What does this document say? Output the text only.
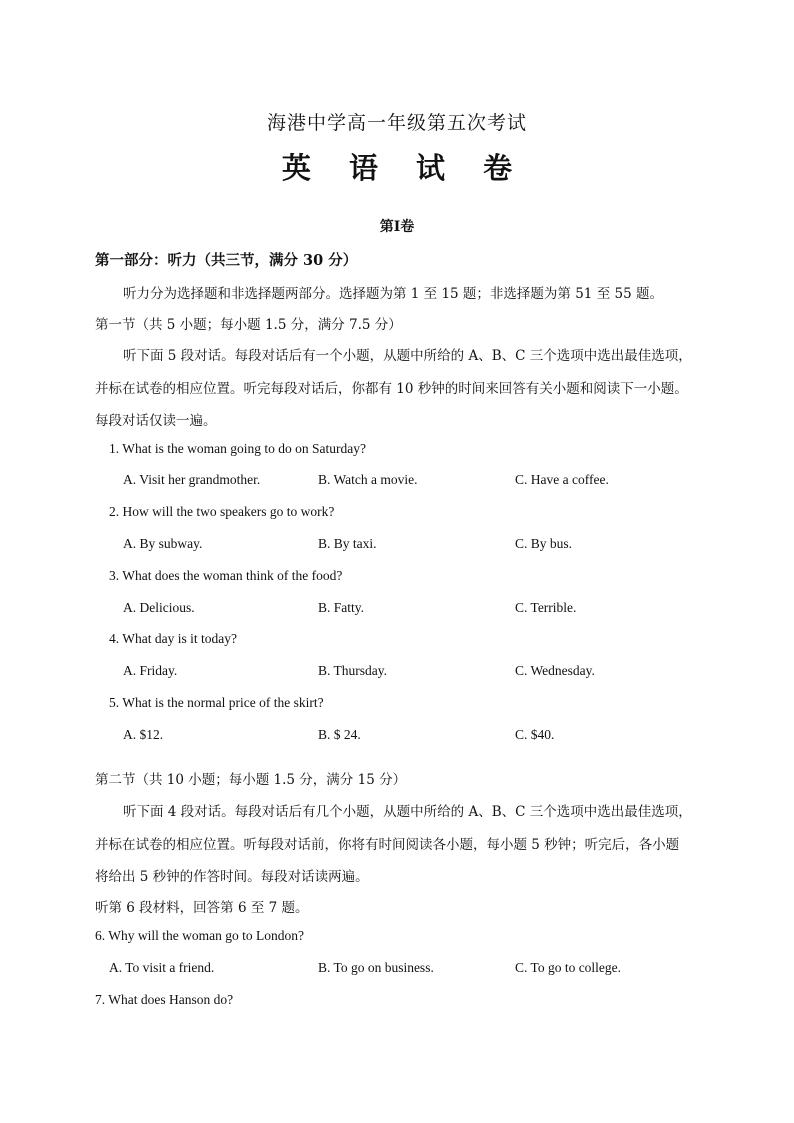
海港中学高一年级第五次考试
英 语 试 卷
第Ⅰ卷
第一部分：听力（共三节，满分 30 分）
听力分为选择题和非选择题两部分。选择题为第 1 至 15 题；非选择题为第 51 至 55 题。
第一节（共 5 小题；每小题 1.5 分，满分 7.5 分）
听下面 5 段对话。每段对话后有一个小题，从题中所给的 A、B、C 三个选项中选出最佳选项，
并标在试卷的相应位置。听完每段对话后，你都有 10 秒钟的时间来回答有关小题和阅读下一小题。
每段对话仅读一遍。
1. What is the woman going to do on Saturday?
A. Visit her grandmother.	B. Watch a movie.	C. Have a coffee.
2. How will the two speakers go to work?
A. By subway.	B. By taxi.	C. By bus.
3. What does the woman think of the food?
A. Delicious.	B. Fatty.	C. Terrible.
4. What day is it today?
A. Friday.	B. Thursday.	C. Wednesday.
5. What is the normal price of the skirt?
A. $12.	B. $ 24.	C. $40.
第二节（共 10 小题；每小题 1.5 分，满分 15 分）
听下面 4 段对话。每段对话后有几个小题，从题中所给的 A、B、C 三个选项中选出最佳选项，
并标在试卷的相应位置。听每段对话前，你将有时间阅读各小题，每小题 5 秒钟；听完后，各小题
将给出 5 秒钟的作答时间。每段对话读两遍。
听第 6 段材料，回答第 6 至 7 题。
6. Why will the woman go to London?
A. To visit a friend.	B. To go on business.	C. To go to college.
7. What does Hanson do?
